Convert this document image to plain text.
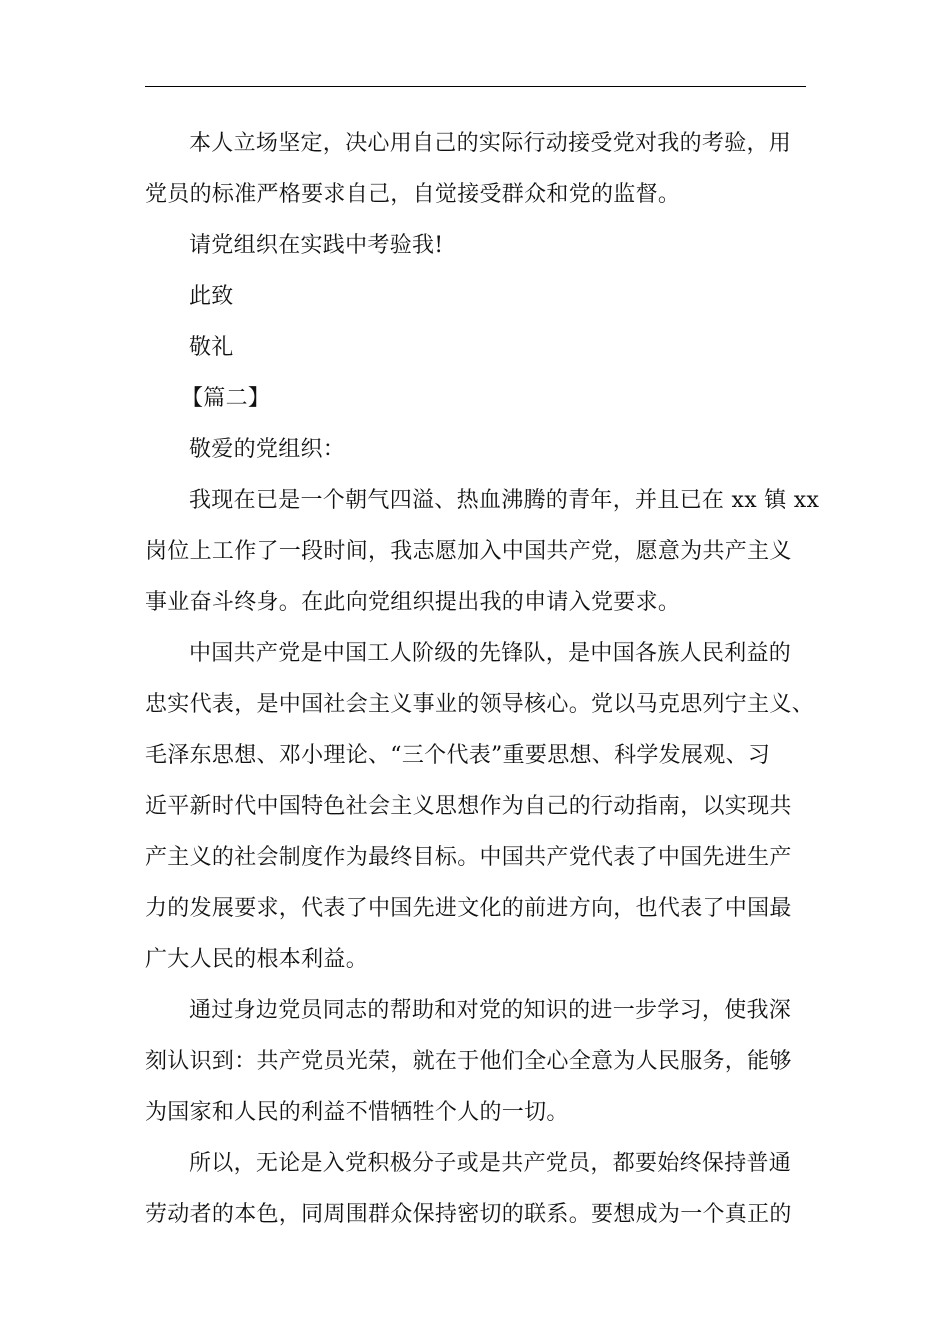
本人立场坚定，决心用自己的实际行动接受党对我的考验，用
党员的标准严格要求自己，自觉接受群众和党的监督。
请党组织在实践中考验我!
此致
敬礼
【篇二】
敬爱的党组织：
我现在已是一个朝气四溢、热血沸腾的青年，并且已在 xx 镇 xx
岗位上工作了一段时间，我志愿加入中国共产党，愿意为共产主义
事业奋斗终身。在此向党组织提出我的申请入党要求。
中国共产党是中国工人阶级的先锋队，是中国各族人民利益的
忠实代表，是中国社会主义事业的领导核心。党以马克思列宁主义、
毛泽东思想、邓小理论、“三个代表”重要思想、科学发展观、习
近平新时代中国特色社会主义思想作为自己的行动指南，以实现共
产主义的社会制度作为最终目标。中国共产党代表了中国先进生产
力的发展要求，代表了中国先进文化的前进方向，也代表了中国最
广大人民的根本利益。
通过身边党员同志的帮助和对党的知识的进一步学习，使我深
刻认识到：共产党员光荣，就在于他们全心全意为人民服务，能够
为国家和人民的利益不惜牺牲个人的一切。
所以，无论是入党积极分子或是共产党员，都要始终保持普通
劳动者的本色，同周围群众保持密切的联系。要想成为一个真正的
